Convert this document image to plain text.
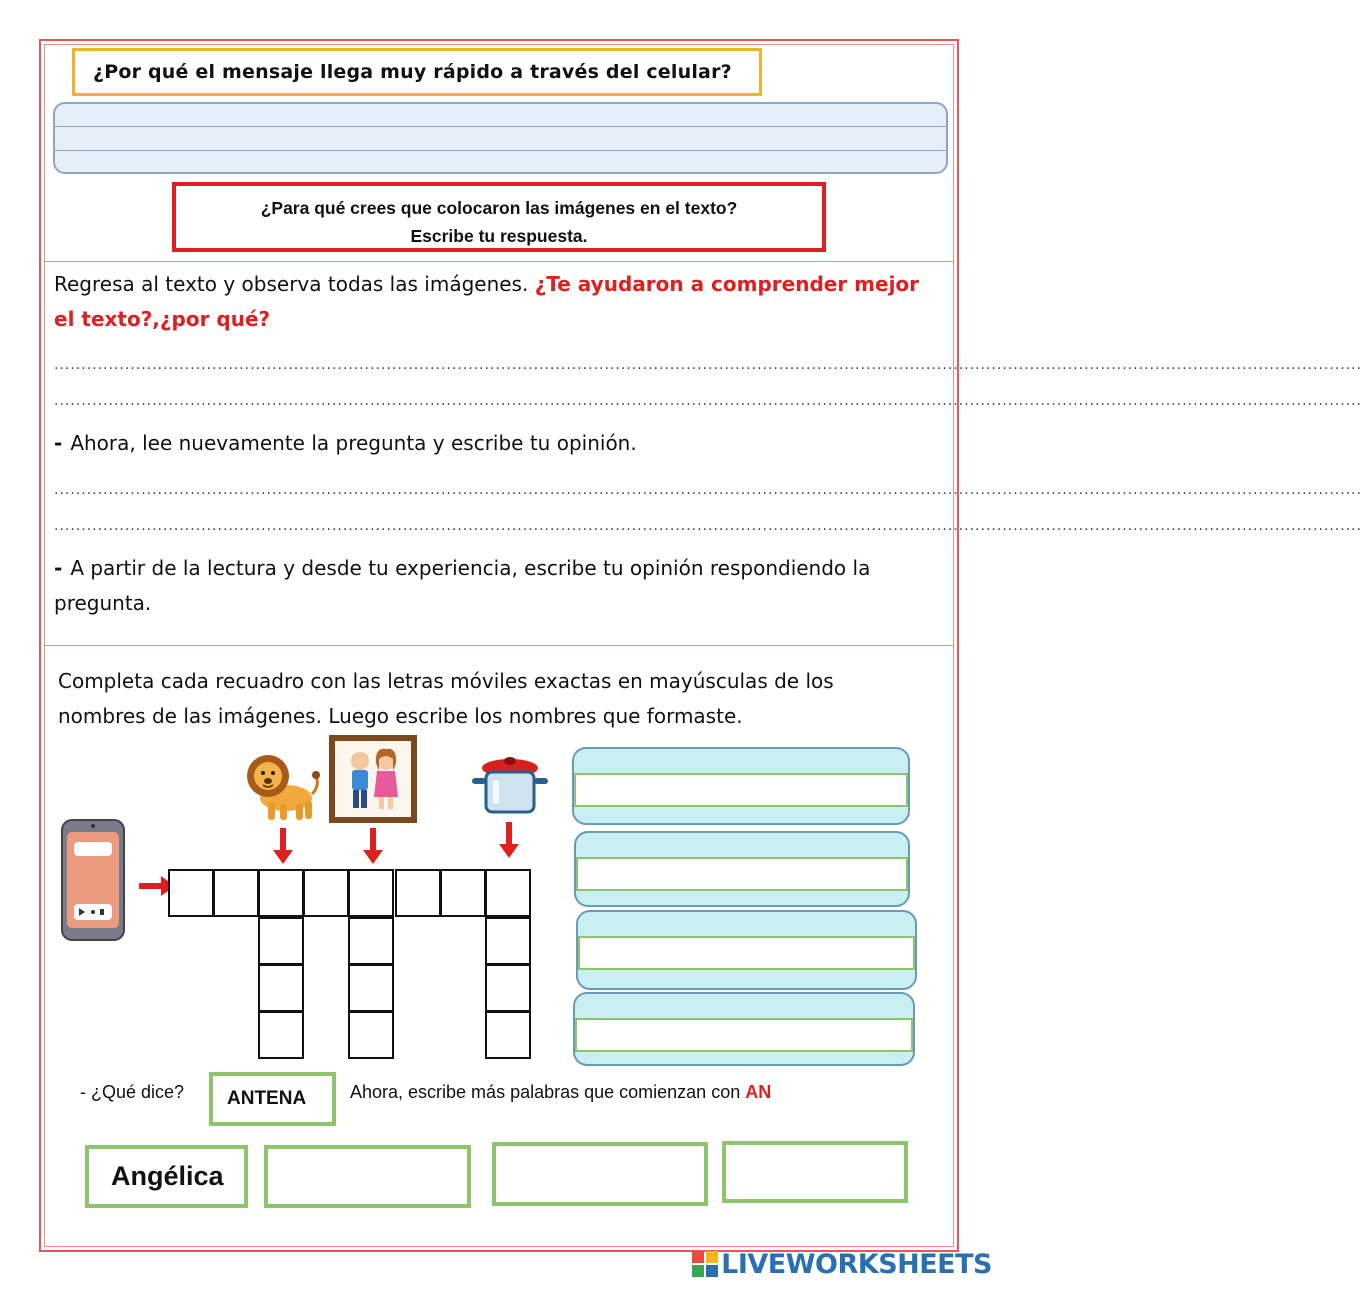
¿Por qué el mensaje llega muy rápido a través del celular?
¿Para qué crees que colocaron las imágenes en el texto?
Escribe tu respuesta.
Regresa al texto y observa todas las imágenes. ¿Te ayudaron a comprender mejor el texto?,¿por qué?
................................................................................................................................................................................................................................................
................................................................................................................................................................................................................................................
- Ahora, lee nuevamente la pregunta y escribe tu opinión.
................................................................................................................................................................................................................................................
................................................................................................................................................................................................................................................
- A partir de la lectura y desde tu experiencia, escribe tu opinión respondiendo la pregunta.
Completa cada recuadro con las letras móviles exactas en mayúsculas de los nombres de las imágenes. Luego escribe los nombres que formaste.
- ¿Qué dice?	ANTENA	Ahora, escribe más palabras que comienzan con AN
Angélica
LIVEWORKSHEETS
